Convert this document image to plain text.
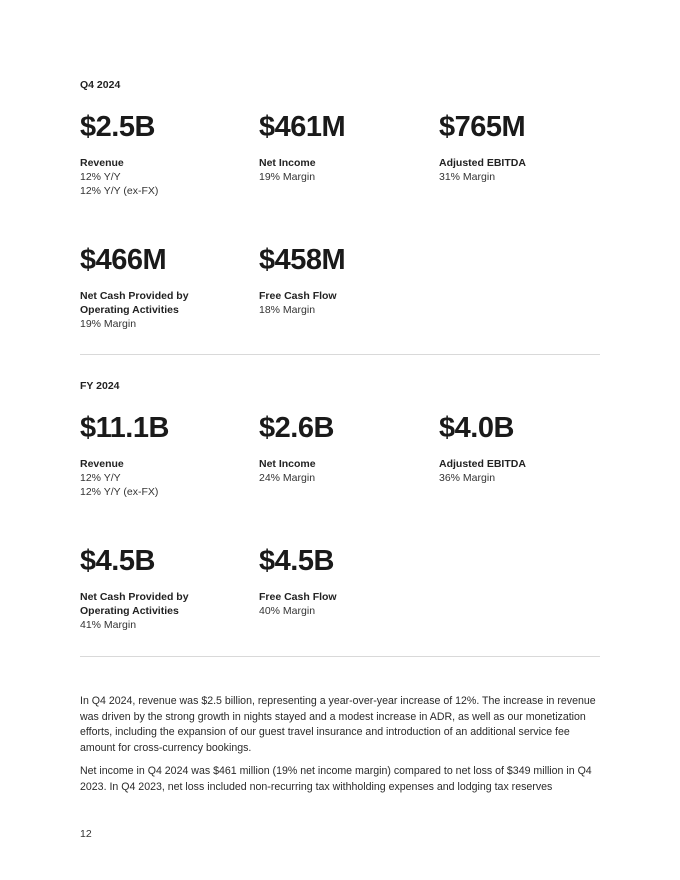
Q4 2024
$2.5B
Revenue
12% Y/Y
12% Y/Y (ex-FX)
$461M
Net Income
19% Margin
$765M
Adjusted EBITDA
31% Margin
$466M
Net Cash Provided by
Operating Activities
19% Margin
$458M
Free Cash Flow
18% Margin
FY 2024
$11.1B
Revenue
12% Y/Y
12% Y/Y (ex-FX)
$2.6B
Net Income
24% Margin
$4.0B
Adjusted EBITDA
36% Margin
$4.5B
Net Cash Provided by
Operating Activities
41% Margin
$4.5B
Free Cash Flow
40% Margin

In Q4 2024, revenue was $2.5 billion, representing a year-over-year increase of 12%. The increase in revenue was driven by the strong growth in nights stayed and a modest increase in ADR, as well as our monetization efforts, including the expansion of our guest travel insurance and introduction of an additional service fee amount for cross-currency bookings.

Net income in Q4 2024 was $461 million (19% net income margin) compared to net loss of $349 million in Q4 2023. In Q4 2023, net loss included non-recurring tax withholding expenses and lodging tax reserves

12
